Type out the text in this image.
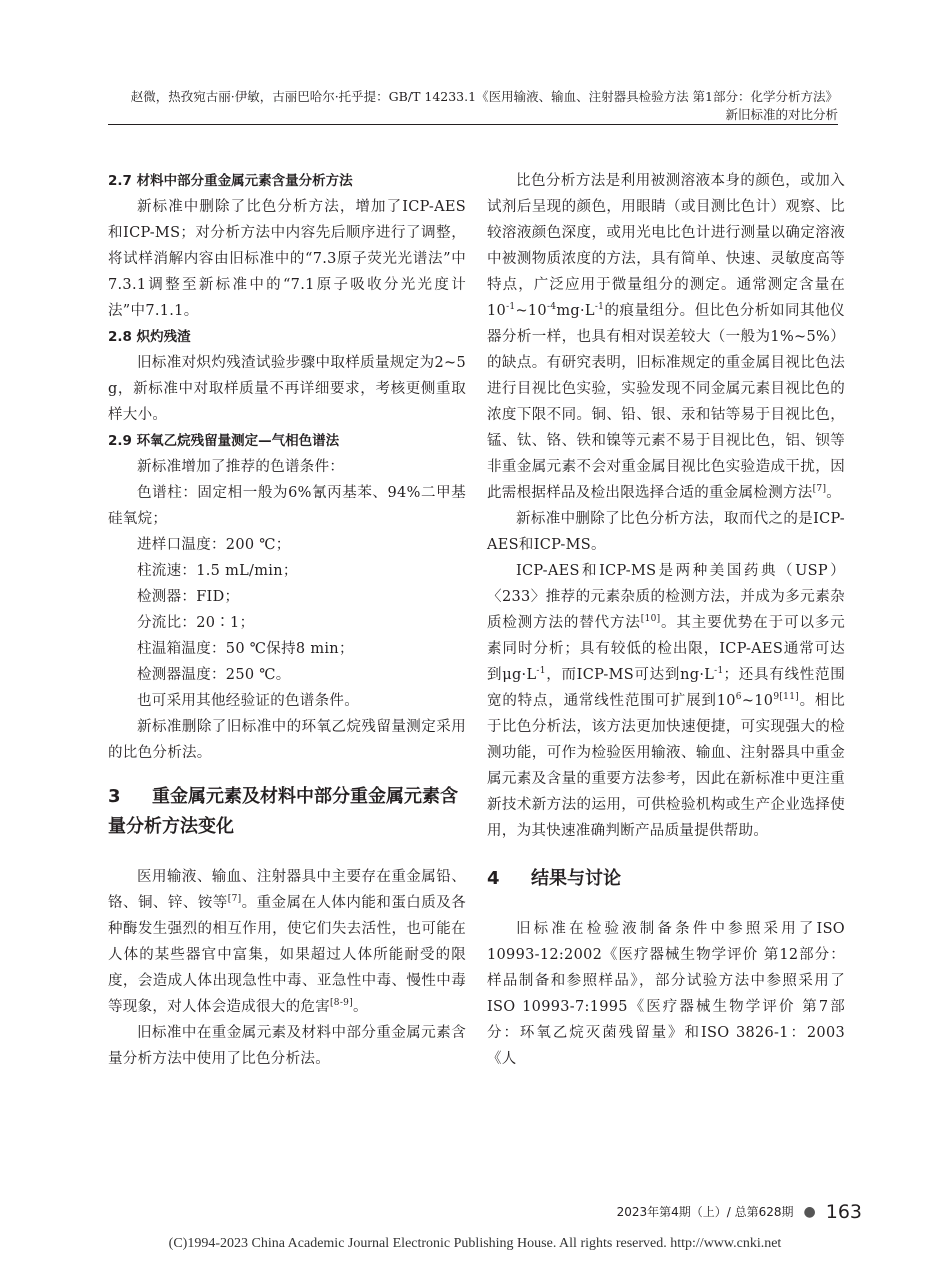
赵微，热孜宛古丽·伊敏，古丽巴哈尔·托乎提：GB/T 14233.1《医用输液、输血、注射器具检验方法 第1部分：化学分析方法》
新旧标准的对比分析
2.7 材料中部分重金属元素含量分析方法

新标准中删除了比色分析方法，增加了ICP-AES和ICP-MS；对分析方法中内容先后顺序进行了调整，将试样消解内容由旧标准中的“7.3原子荧光光谱法”中7.3.1调整至新标准中的“7.1原子吸收分光光度计法”中7.1.1。

2.8 炽灼残渣

旧标准对炽灼残渣试验步骤中取样质量规定为2~5 g，新标准中对取样质量不再详细要求，考核更侧重取样大小。

2.9 环氧乙烷残留量测定—气相色谱法

新标准增加了推荐的色谱条件：

色谱柱：固定相一般为6%氰丙基苯、94%二甲基硅氧烷；

进样口温度：200 ℃；

柱流速：1.5 mL/min；

检测器：FID；

分流比：20∶1；

柱温箱温度：50 ℃保持8 min；

检测器温度：250 ℃。

也可采用其他经验证的色谱条件。

新标准删除了旧标准中的环氧乙烷残留量测定采用的比色分析法。

3 重金属元素及材料中部分重金属元素含量分析方法变化

医用输液、输血、注射器具中主要存在重金属铅、铬、铜、锌、铵等[7]。重金属在人体内能和蛋白质及各种酶发生强烈的相互作用，使它们失去活性，也可能在人体的某些器官中富集，如果超过人体所能耐受的限度，会造成人体出现急性中毒、亚急性中毒、慢性中毒等现象，对人体会造成很大的危害[8-9]。

旧标准中在重金属元素及材料中部分重金属元素含量分析方法中使用了比色分析法。

比色分析方法是利用被测溶液本身的颜色，或加入试剂后呈现的颜色，用眼睛（或目测比色计）观察、比较溶液颜色深度，或用光电比色计进行测量以确定溶液中被测物质浓度的方法，具有简单、快速、灵敏度高等特点，广泛应用于微量组分的测定。通常测定含量在$10^{-1}\sim 10^{-4}mg\cdot L^{-1}$的痕量组分。但比色分析如同其他仪器分析一样，也具有相对误差较大（一般为1%~5%）的缺点。有研究表明，旧标准规定的重金属目视比色法进行目视比色实验，实验发现不同金属元素目视比色的浓度下限不同。铜、铅、银、汞和钴等易于目视比色，锰、钛、铬、铁和镍等元素不易于目视比色，铝、钡等非重金属元素不会对重金属目视比色实验造成干扰，因此需根据样品及检出限选择合适的重金属检测方法[7]。

新标准中删除了比色分析方法，取而代之的是ICP-AES和ICP-MS。

ICP-AES和ICP-MS是两种美国药典（USP）〈233〉推荐的元素杂质的检测方法，并成为多元素杂质检测方法的替代方法[10]。其主要优势在于可以多元素同时分析；具有较低的检出限，ICP-AES通常可达到$\mu g\cdot L^{-1}$，而ICP-MS可达到$ng\cdot L^{-1}$；还具有线性范围宽的特点，通常线性范围可扩展到$10^6\sim 10^{9[11]}$。相比于比色分析法，该方法更加快速便捷，可实现强大的检测功能，可作为检验医用输液、输血、注射器具中重金属元素及含量的重要方法参考，因此在新标准中更注重新技术新方法的运用，可供检验机构或生产企业选择使用，为其快速准确判断产品质量提供帮助。

4 结果与讨论

旧标准在检验液制备条件中参照采用了ISO 10993-12:2002《医疗器械生物学评价 第12部分：样品制备和参照样品》，部分试验方法中参照采用了ISO 10993-7:1995《医疗器械生物学评价 第7部分：环氧乙烷灭菌残留量》和ISO 3826-1：2003《人

2023年第4期（上）/ 总第628期 ● 163
(C)1994-2023 China Academic Journal Electronic Publishing House. All rights reserved. http://www.cnki.net
